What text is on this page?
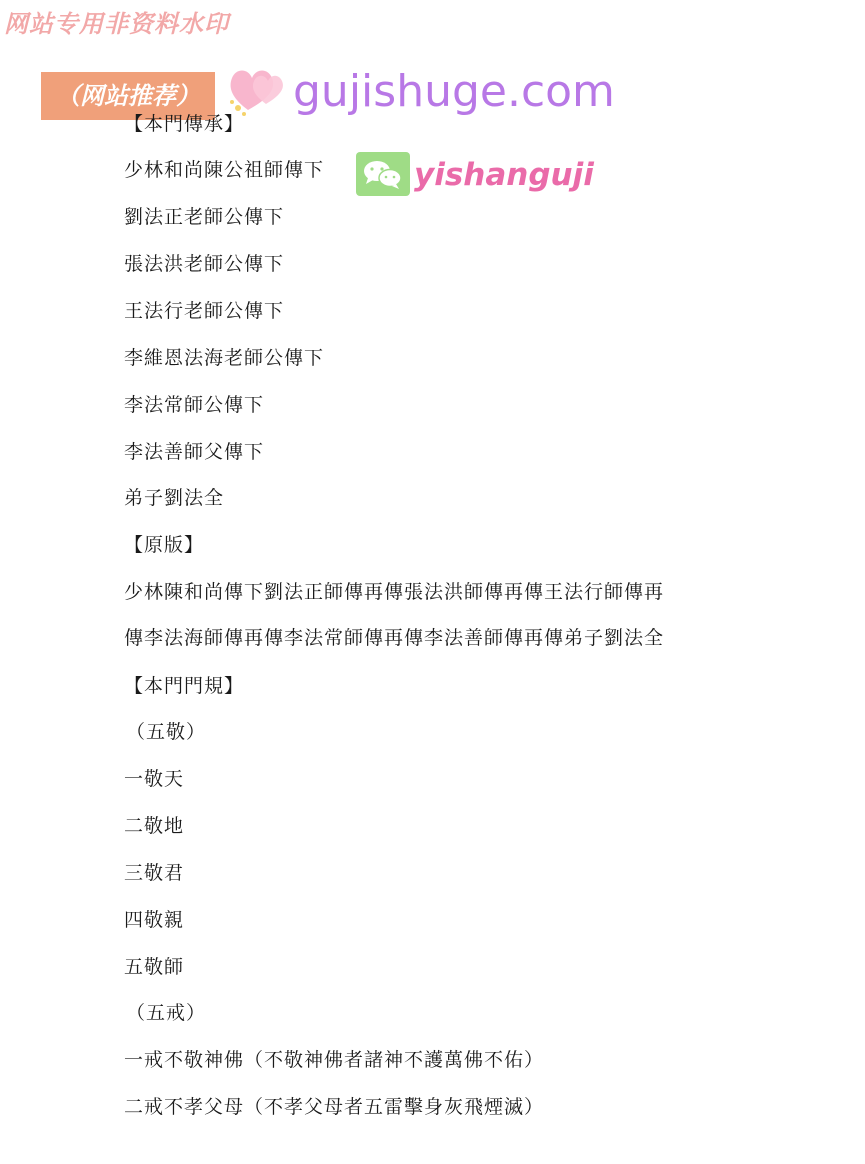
网站专用非资料水印
（网站推荐）	gujishuge.com
yishanguji
【本門傳承】
少林和尚陳公祖師傳下
劉法正老師公傳下
張法洪老師公傳下
王法行老師公傳下
李維恩法海老師公傳下
李法常師公傳下
李法善師父傳下
弟子劉法全
【原版】
少林陳和尚傳下劉法正師傳再傳張法洪師傳再傳王法行師傳再
傳李法海師傳再傳李法常師傳再傳李法善師傳再傳弟子劉法全
【本門門規】
（五敬）
一敬天
二敬地
三敬君
四敬親
五敬師
（五戒）
一戒不敬神佛（不敬神佛者諸神不護萬佛不佑）
二戒不孝父母（不孝父母者五雷擊身灰飛煙滅）
